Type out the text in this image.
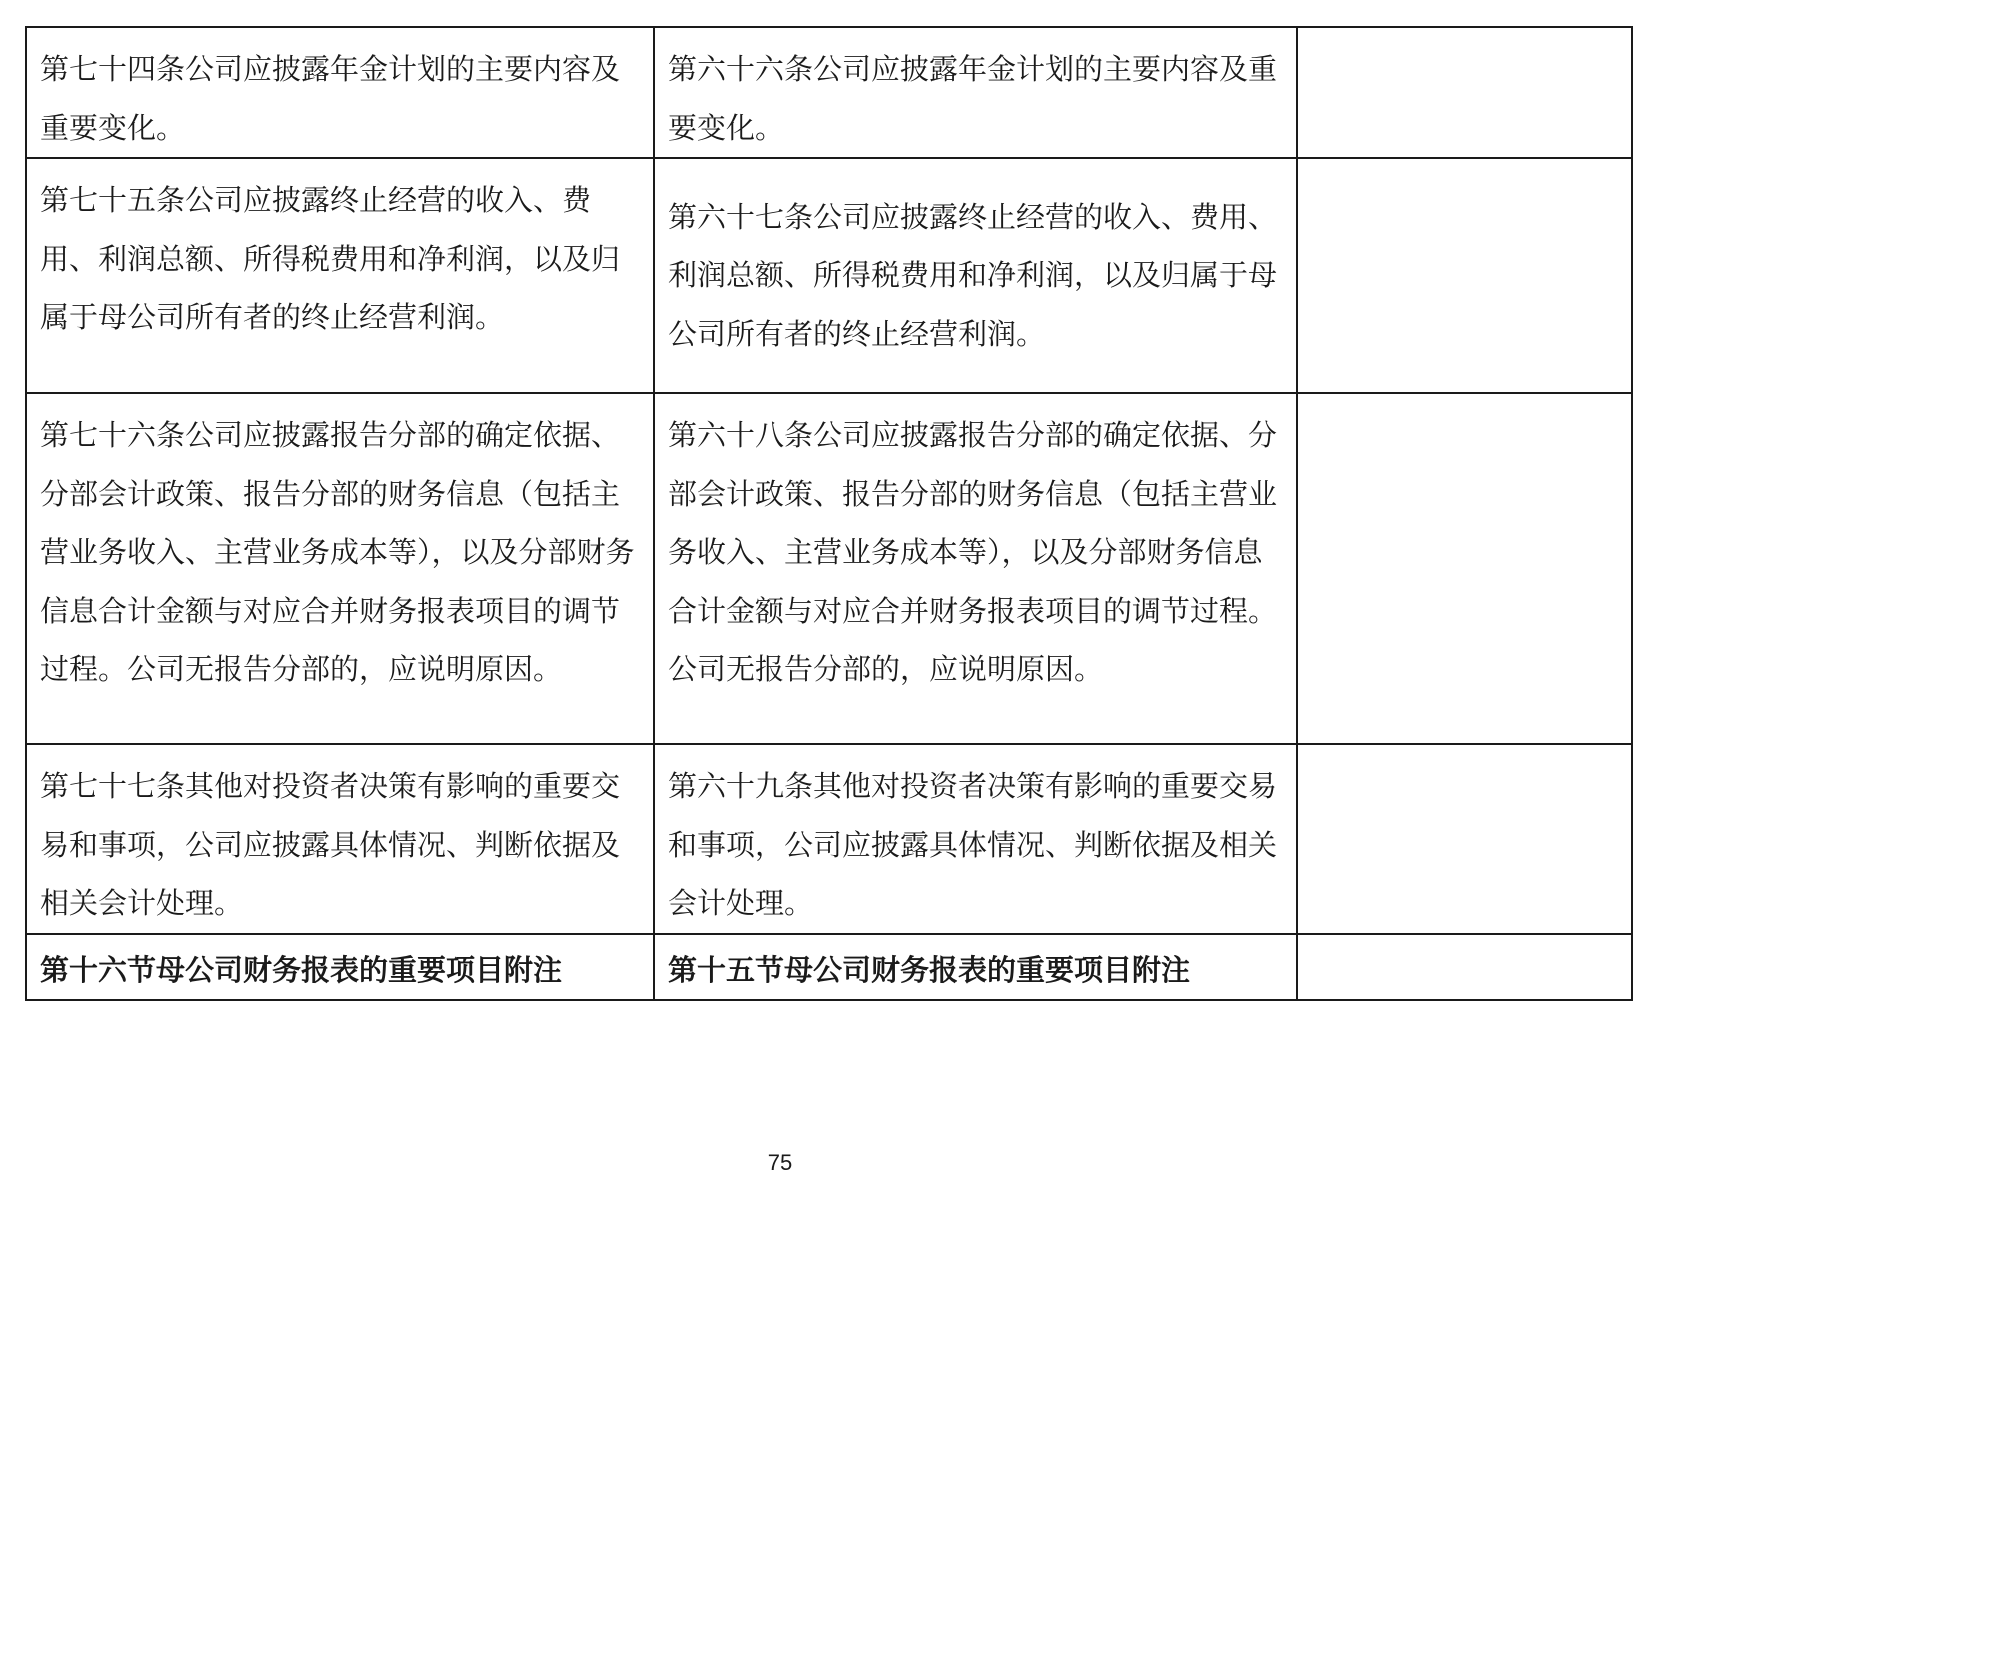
第七十四条公司应披露年金计划的主要内容及重要变化。	第六十六条公司应披露年金计划的主要内容及重要变化。	
第七十五条公司应披露终止经营的收入、费用、利润总额、所得税费用和净利润，以及归属于母公司所有者的终止经营利润。	第六十七条公司应披露终止经营的收入、费用、利润总额、所得税费用和净利润，以及归属于母公司所有者的终止经营利润。	
第七十六条公司应披露报告分部的确定依据、分部会计政策、报告分部的财务信息（包括主营业务收入、主营业务成本等），以及分部财务信息合计金额与对应合并财务报表项目的调节过程。公司无报告分部的，应说明原因。	第六十八条公司应披露报告分部的确定依据、分部会计政策、报告分部的财务信息（包括主营业务收入、主营业务成本等），以及分部财务信息合计金额与对应合并财务报表项目的调节过程。公司无报告分部的，应说明原因。	
第七十七条其他对投资者决策有影响的重要交易和事项，公司应披露具体情况、判断依据及相关会计处理。	第六十九条其他对投资者决策有影响的重要交易和事项，公司应披露具体情况、判断依据及相关会计处理。	
第十六节母公司财务报表的重要项目附注	第十五节母公司财务报表的重要项目附注	
75
